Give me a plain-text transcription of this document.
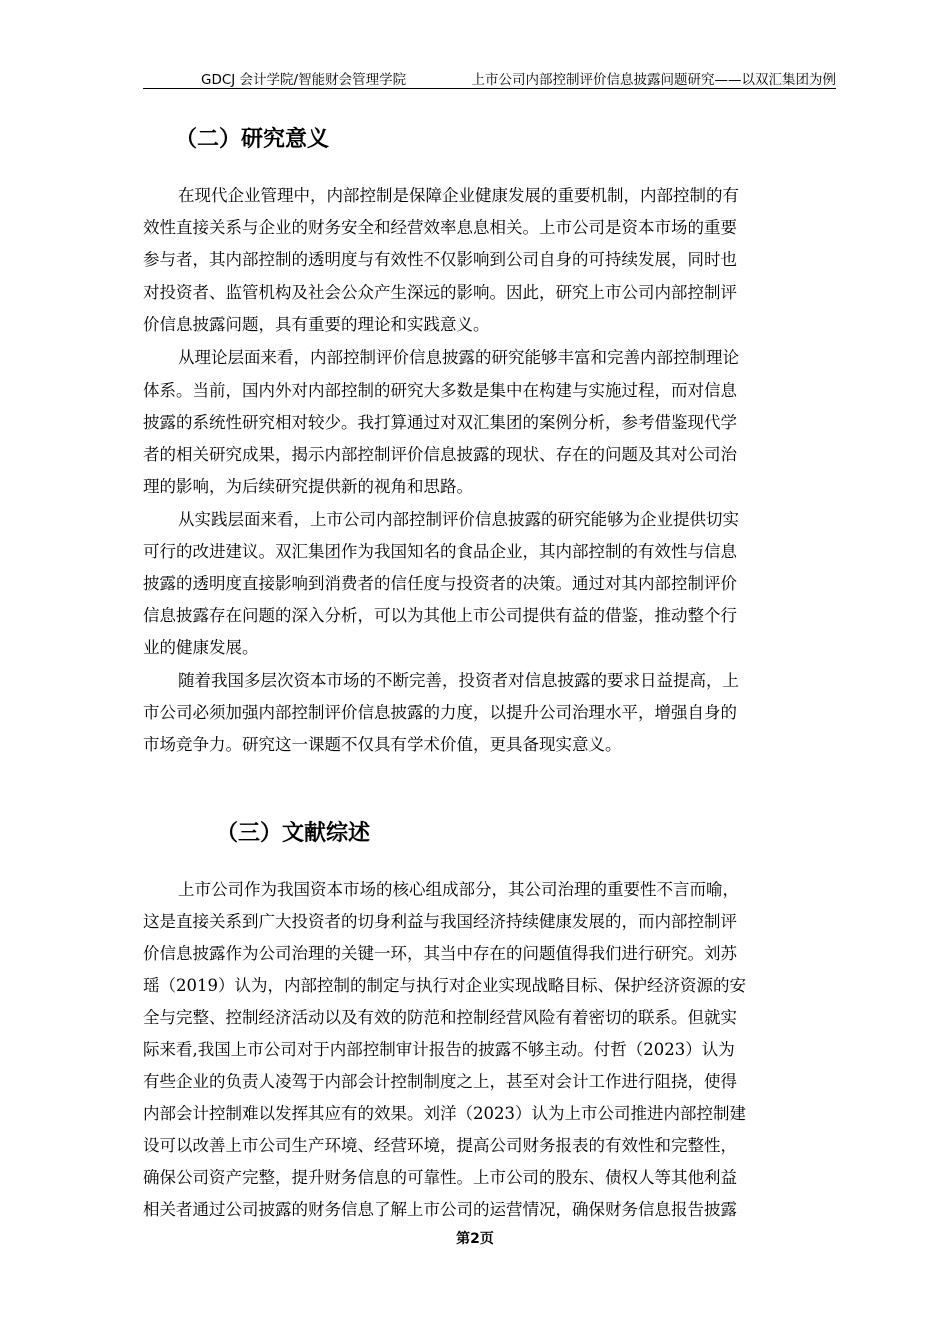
GDCJ 会计学院/智能财会管理学院	上市公司内部控制评价信息披露问题研究——以双汇集团为例
（二）研究意义
在现代企业管理中，内部控制是保障企业健康发展的重要机制，内部控制的有
效性直接关系与企业的财务安全和经营效率息息相关。上市公司是资本市场的重要
参与者，其内部控制的透明度与有效性不仅影响到公司自身的可持续发展，同时也
对投资者、监管机构及社会公众产生深远的影响。因此，研究上市公司内部控制评
价信息披露问题，具有重要的理论和实践意义。
从理论层面来看，内部控制评价信息披露的研究能够丰富和完善内部控制理论
体系。当前，国内外对内部控制的研究大多数是集中在构建与实施过程，而对信息
披露的系统性研究相对较少。我打算通过对双汇集团的案例分析，参考借鉴现代学
者的相关研究成果，揭示内部控制评价信息披露的现状、存在的问题及其对公司治
理的影响，为后续研究提供新的视角和思路。
从实践层面来看，上市公司内部控制评价信息披露的研究能够为企业提供切实
可行的改进建议。双汇集团作为我国知名的食品企业，其内部控制的有效性与信息
披露的透明度直接影响到消费者的信任度与投资者的决策。通过对其内部控制评价
信息披露存在问题的深入分析，可以为其他上市公司提供有益的借鉴，推动整个行
业的健康发展。
随着我国多层次资本市场的不断完善，投资者对信息披露的要求日益提高，上
市公司必须加强内部控制评价信息披露的力度，以提升公司治理水平，增强自身的
市场竞争力。研究这一课题不仅具有学术价值，更具备现实意义。
（三）文献综述
上市公司作为我国资本市场的核心组成部分，其公司治理的重要性不言而喻，
这是直接关系到广大投资者的切身利益与我国经济持续健康发展的，而内部控制评
价信息披露作为公司治理的关键一环，其当中存在的问题值得我们进行研究。刘苏
瑶（2019）认为，内部控制的制定与执行对企业实现战略目标、保护经济资源的安
全与完整、控制经济活动以及有效的防范和控制经营风险有着密切的联系。但就实
际来看,我国上市公司对于内部控制审计报告的披露不够主动。付哲（2023）认为
有些企业的负责人凌驾于内部会计控制制度之上，甚至对会计工作进行阻挠，使得
内部会计控制难以发挥其应有的效果。刘洋（2023）认为上市公司推进内部控制建
设可以改善上市公司生产环境、经营环境，提高公司财务报表的有效性和完整性，
确保公司资产完整，提升财务信息的可靠性。上市公司的股东、债权人等其他利益
相关者通过公司披露的财务信息了解上市公司的运营情况，确保财务信息报告披露
第2页
